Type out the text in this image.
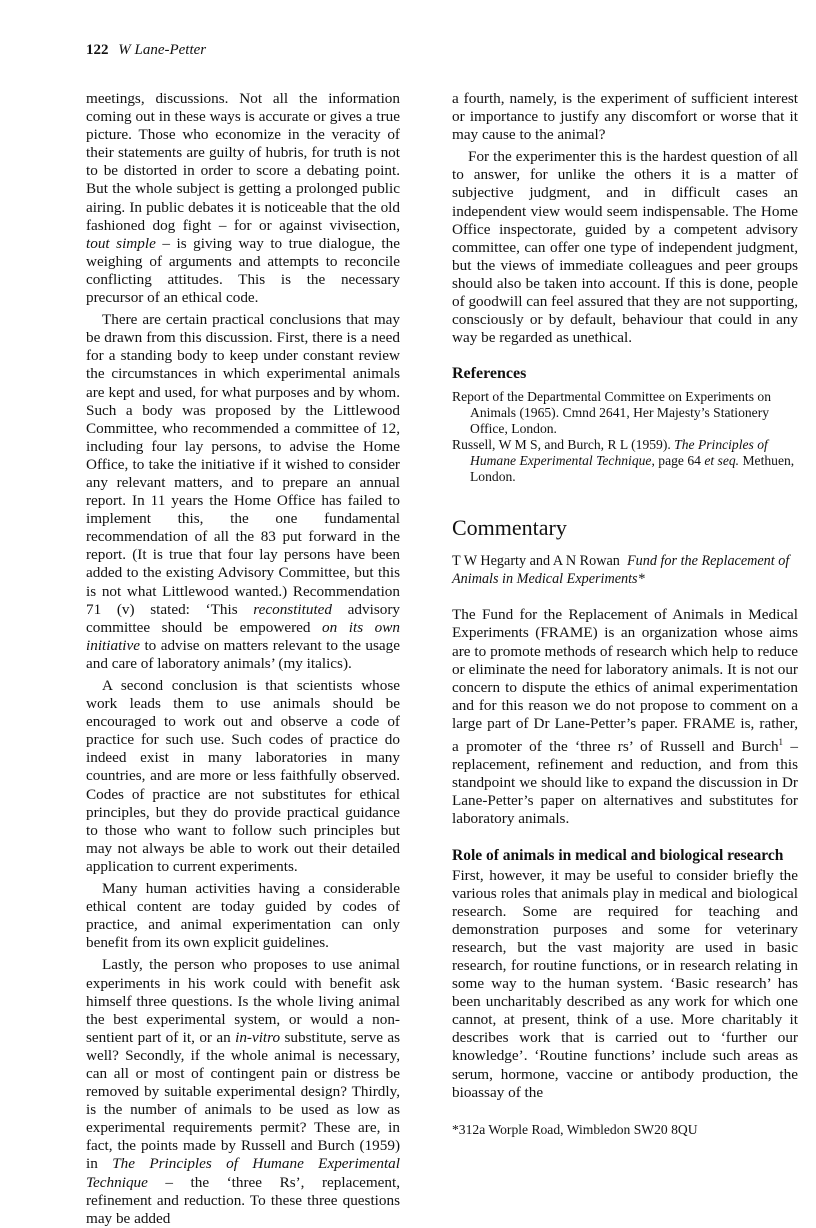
122 W Lane-Petter

meetings, discussions. Not all the information coming out in these ways is accurate or gives a true picture. Those who economize in the veracity of their statements are guilty of hubris, for truth is not to be distorted in order to score a debating point. But the whole subject is getting a prolonged public airing. In public debates it is noticeable that the old fashioned dog fight – for or against vivisection, tout simple – is giving way to true dialogue, the weighing of arguments and attempts to reconcile conflicting attitudes. This is the necessary precursor of an ethical code.

There are certain practical conclusions that may be drawn from this discussion. First, there is a need for a standing body to keep under constant review the circumstances in which experimental animals are kept and used, for what purposes and by whom. Such a body was proposed by the Littlewood Committee, who recommended a committee of 12, including four lay persons, to advise the Home Office, to take the initiative if it wished to consider any relevant matters, and to prepare an annual report. In 11 years the Home Office has failed to implement this, the one fundamental recommendation of all the 83 put forward in the report. (It is true that four lay persons have been added to the existing Advisory Committee, but this is not what Littlewood wanted.) Recommendation 71 (v) stated: ‘This reconstituted advisory committee should be empowered on its own initiative to advise on matters relevant to the usage and care of laboratory animals’ (my italics).

A second conclusion is that scientists whose work leads them to use animals should be encouraged to work out and observe a code of practice for such use. Such codes of practice do indeed exist in many laboratories in many countries, and are more or less faithfully observed. Codes of practice are not substitutes for ethical principles, but they do provide practical guidance to those who want to follow such principles but may not always be able to work out their detailed application to current experiments.

Many human activities having a considerable ethical content are today guided by codes of practice, and animal experimentation can only benefit from its own explicit guidelines.

Lastly, the person who proposes to use animal experiments in his work could with benefit ask himself three questions. Is the whole living animal the best experimental system, or would a non-sentient part of it, or an in-vitro substitute, serve as well? Secondly, if the whole animal is necessary, can all or most of contingent pain or distress be removed by suitable experimental design? Thirdly, is the number of animals to be used as low as experimental requirements permit? These are, in fact, the points made by Russell and Burch (1959) in The Principles of Humane Experimental Technique – the ‘three Rs’, replacement, refinement and reduction. To these three questions may be added

a fourth, namely, is the experiment of sufficient interest or importance to justify any discomfort or worse that it may cause to the animal?

For the experimenter this is the hardest question of all to answer, for unlike the others it is a matter of subjective judgment, and in difficult cases an independent view would seem indispensable. The Home Office inspectorate, guided by a competent advisory committee, can offer one type of independent judgment, but the views of immediate colleagues and peer groups should also be taken into account. If this is done, people of goodwill can feel assured that they are not supporting, consciously or by default, behaviour that could in any way be regarded as unethical.

References

Report of the Departmental Committee on Experiments on Animals (1965). Cmnd 2641, Her Majesty’s Stationery Office, London.

Russell, W M S, and Burch, R L (1959). The Principles of Humane Experimental Technique, page 64 et seq. Methuen, London.

Commentary

T W Hegarty and A N Rowan Fund for the Replacement of Animals in Medical Experiments*

The Fund for the Replacement of Animals in Medical Experiments (FRAME) is an organization whose aims are to promote methods of research which help to reduce or eliminate the need for laboratory animals. It is not our concern to dispute the ethics of animal experimentation and for this reason we do not propose to comment on a large part of Dr Lane-Petter’s paper. FRAME is, rather, a promoter of the ‘three rs’ of Russell and Burch$^1$ – replacement, refinement and reduction, and from this standpoint we should like to expand the discussion in Dr Lane-Petter’s paper on alternatives and substitutes for laboratory animals.

Role of animals in medical and biological research

First, however, it may be useful to consider briefly the various roles that animals play in medical and biological research. Some are required for teaching and demonstration purposes and some for veterinary research, but the vast majority are used in basic research, for routine functions, or in research relating in some way to the human system. ‘Basic research’ has been uncharitably described as any work for which one cannot, at present, think of a use. More charitably it describes work that is carried out to ‘further our knowledge’. ‘Routine functions’ include such areas as serum, hormone, vaccine or antibody production, the bioassay of the

*312a Worple Road, Wimbledon SW20 8QU
